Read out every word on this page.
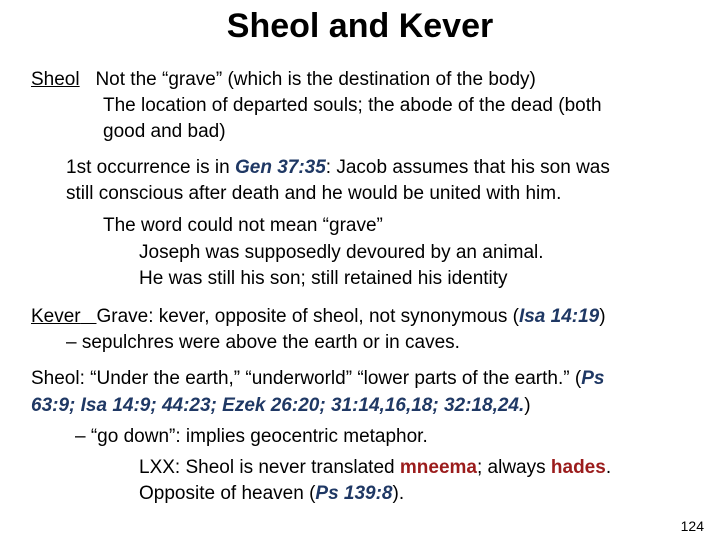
Sheol and Kever
Sheol Not the “grave” (which is the destination of the body)
The location of departed souls; the abode of the dead (both
good and bad)
1st occurrence is in Gen 37:35: Jacob assumes that his son was
still conscious after death and he would be united with him.
The word could not mean “grave”
Joseph was supposedly devoured by an animal.
He was still his son; still retained his identity
Kever Grave: kever, opposite of sheol, not synonymous (Isa 14:19)
– sepulchres were above the earth or in caves.
Sheol: “Under the earth,” “underworld” “lower parts of the earth.” (Ps
63:9; Isa 14:9; 44:23; Ezek 26:20; 31:14,16,18; 32:18,24.)
– “go down”: implies geocentric metaphor.
LXX: Sheol is never translated mneema; always hades.
Opposite of heaven (Ps 139:8).
124
